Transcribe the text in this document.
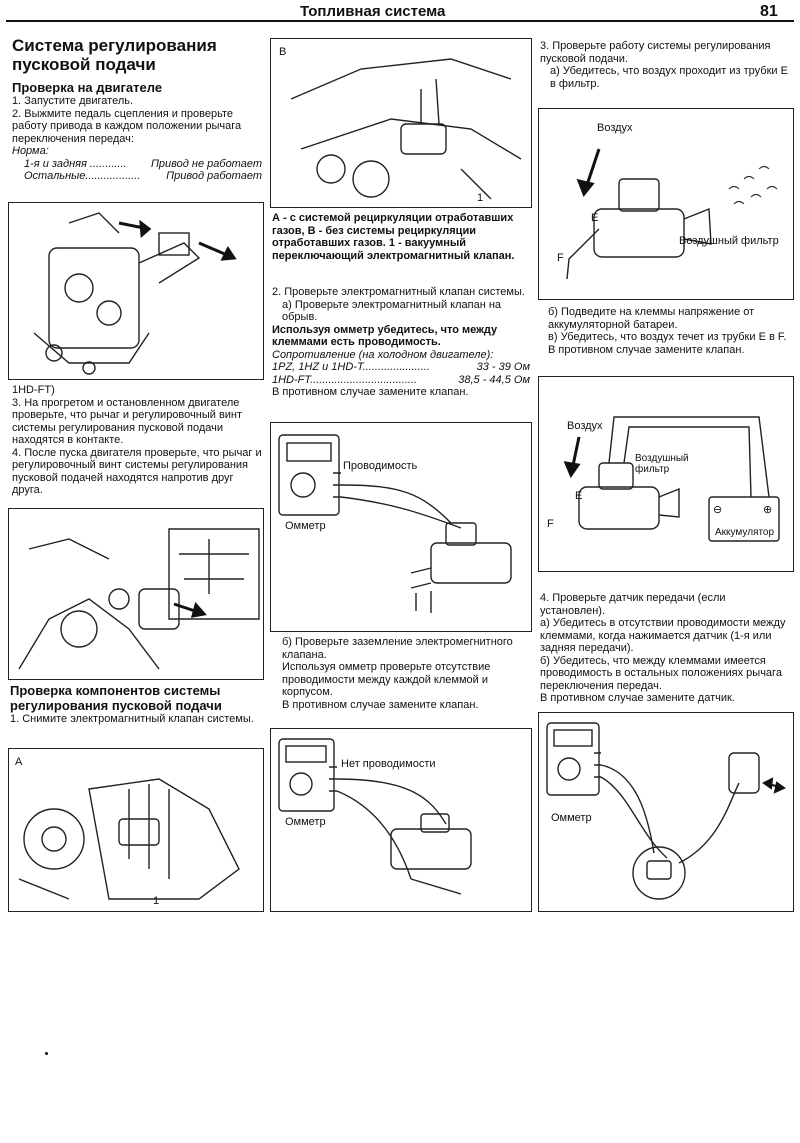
Топливная система	81

Система регулирования пусковой подачи

Проверка на двигателе

1. Запустите двигатель.

2. Выжмите педаль сцепления и проверьте работу привода в каждом положении рычага переключения передач:

Норма:

1-я и задняя ............ Привод не работает
Остальные.................. Привод работает

1HD-FT)

3. На прогретом и остановленном двигателе проверьте, что рычаг и регулировочный винт системы регулирования пусковой подачи находятся в контакте.

4. После пуска двигателя проверьте, что рычаг и регулировочный винт системы регулирования пусковой подачей находятся напротив друг друга.

Проверка компонентов системы регулирования пусковой подачи

1. Снимите электромагнитный клапан системы.

A
1
B
1
А - с системой рециркуляции отработавших газов, В - без системы рециркуляции отработавших газов. 1 - вакуумный переключающий электромагнитный клапан.

2. Проверьте электромагнитный клапан системы.

а) Проверьте электромагнитный клапан на обрыв.

Используя омметр убедитесь, что между клеммами есть проводимость.

Сопротивление (на холодном двигателе):

1PZ, 1HZ и 1HD-T......................	33 - 39 Ом
1HD-FT...................................	38,5 - 44,5 Ом

В противном случае замените клапан.

Проводимость
Омметр

б) Проверьте заземление электромегнитного клапана.

Используя омметр проверьте отсутствие проводимости между каждой клеммой и корпусом.

В противном случае замените клапан.

Нет проводимости
Омметр

3. Проверьте работу системы регулирования пусковой подачи.

а) Убедитесь, что воздух проходит из трубки Е в фильтр.

Воздух
E
F
Воздушный фильтр

б) Подведите на клеммы напряжение от аккумуляторной батареи.

в) Убедитесь, что воздух течет из трубки Е в F. В противном случае замените клапан.

Воздух
Воздушный фильтр
E
F
⊖	⊕
Аккумулятор

4. Проверьте датчик передачи (если установлен).

а) Убедитесь в отсутствии проводимости между клеммами, когда нажимается датчик (1-я или задняя передачи).

б) Убедитесь, что между клеммами имеется проводимость в остальных положениях рычага переключения передач.

В противном случае замените датчик.

Омметр
